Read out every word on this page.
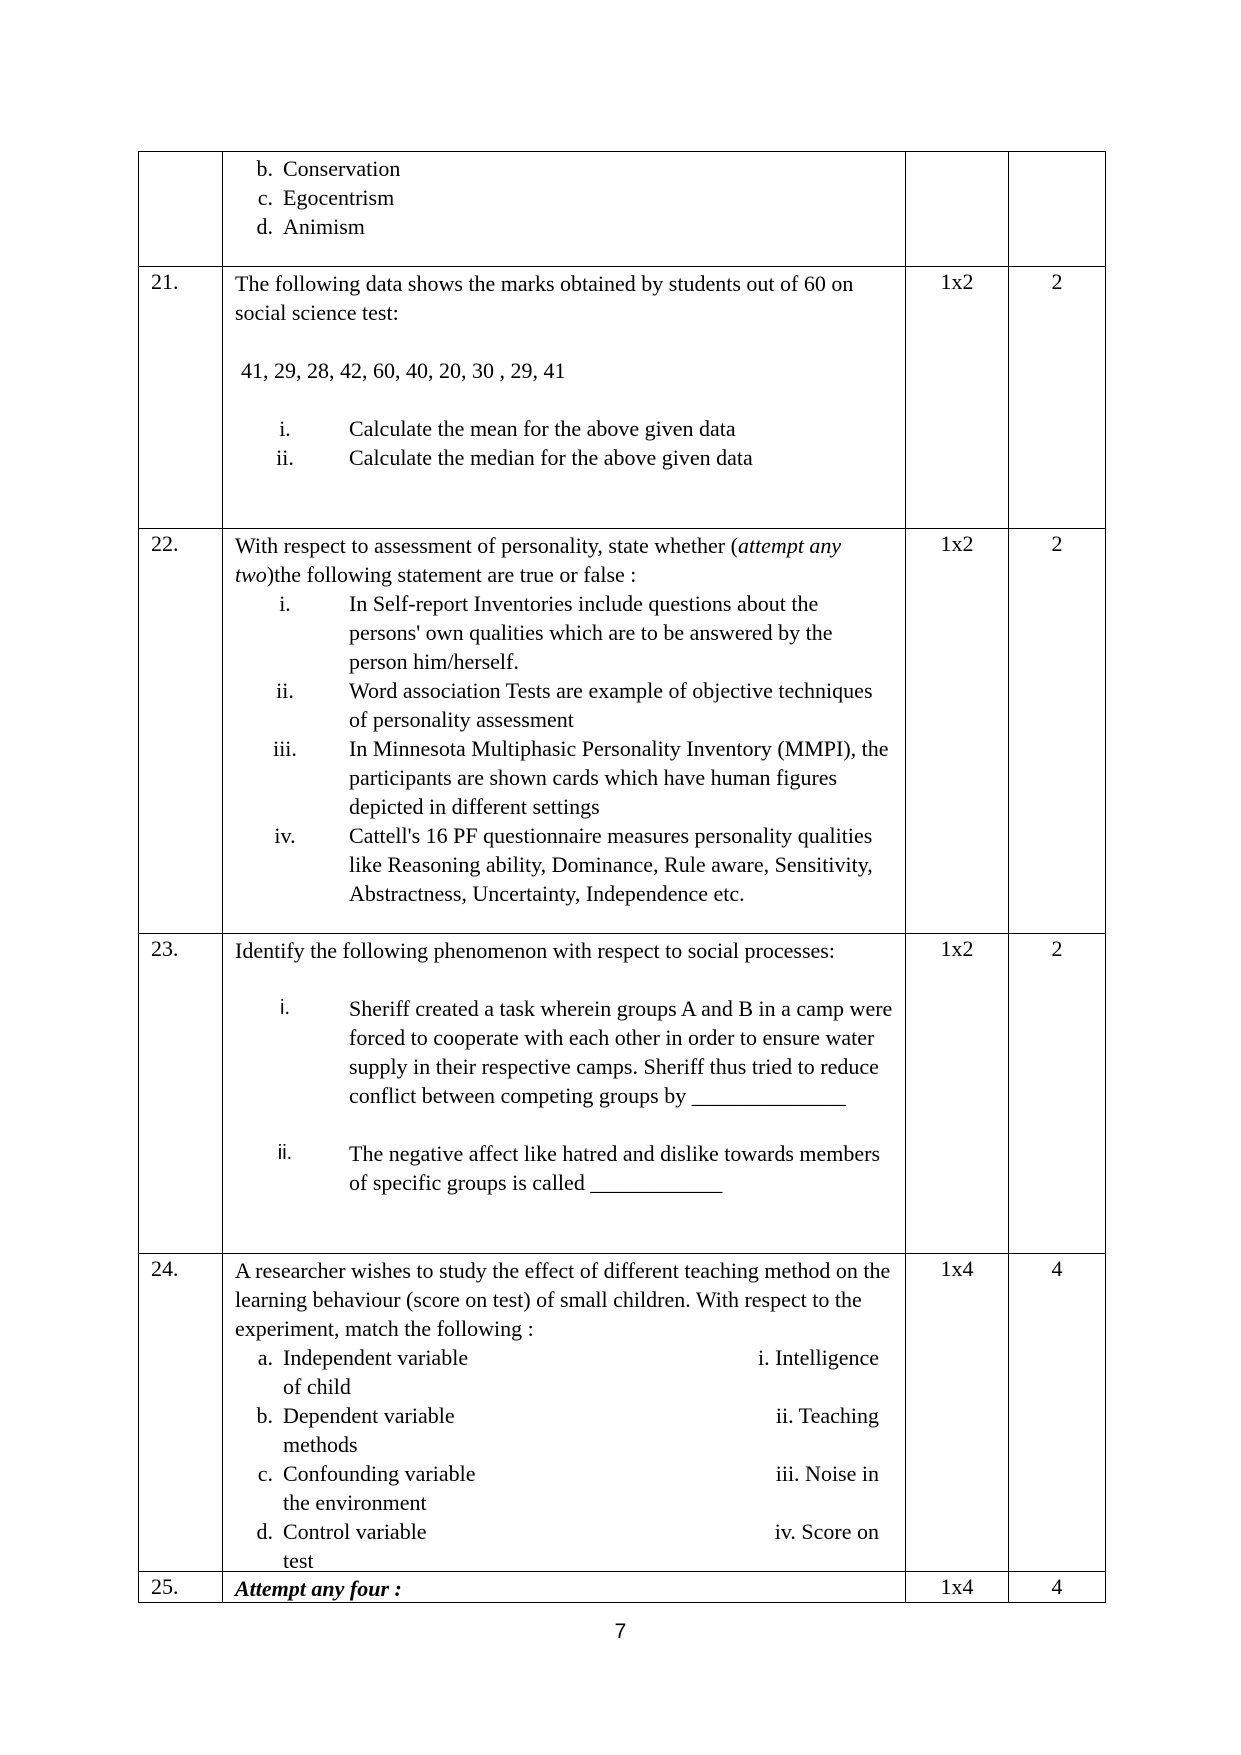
b. Conservation
c. Egocentrism
d. Animism
21.	The following data shows the marks obtained by students out of 60 on social science test:
41, 29, 28, 42, 60, 40, 20, 30 , 29, 41
i.	Calculate the mean for the above given data
ii.	Calculate the median for the above given data
1x2	2
22.	With respect to assessment of personality, state whether (attempt any two)the following statement are true or false :
i.	In Self-report Inventories include questions about the persons' own qualities which are to be answered by the person him/herself.
ii.	Word association Tests are example of objective techniques of personality assessment
iii.	In Minnesota Multiphasic Personality Inventory (MMPI), the participants are shown cards which have human figures depicted in different settings
iv.	Cattell's 16 PF questionnaire measures personality qualities like Reasoning ability, Dominance, Rule aware, Sensitivity, Abstractness, Uncertainty, Independence etc.
1x2	2
23.	Identify the following phenomenon with respect to social processes:
i.	Sheriff created a task wherein groups A and B in a camp were forced to cooperate with each other in order to ensure water supply in their respective camps. Sheriff thus tried to reduce conflict between competing groups by ______________
ii.	The negative affect like hatred and dislike towards members of specific groups is called ____________
1x2	2
24.	A researcher wishes to study the effect of different teaching method on the learning behaviour (score on test) of small children. With respect to the experiment, match the following :
a. Independent variable	i. Intelligence
of child
b. Dependent variable	ii. Teaching
methods
c. Confounding variable	iii. Noise in
the environment
d. Control variable	iv. Score on
test
1x4	4
25.	Attempt any four :	1x4	4
7
